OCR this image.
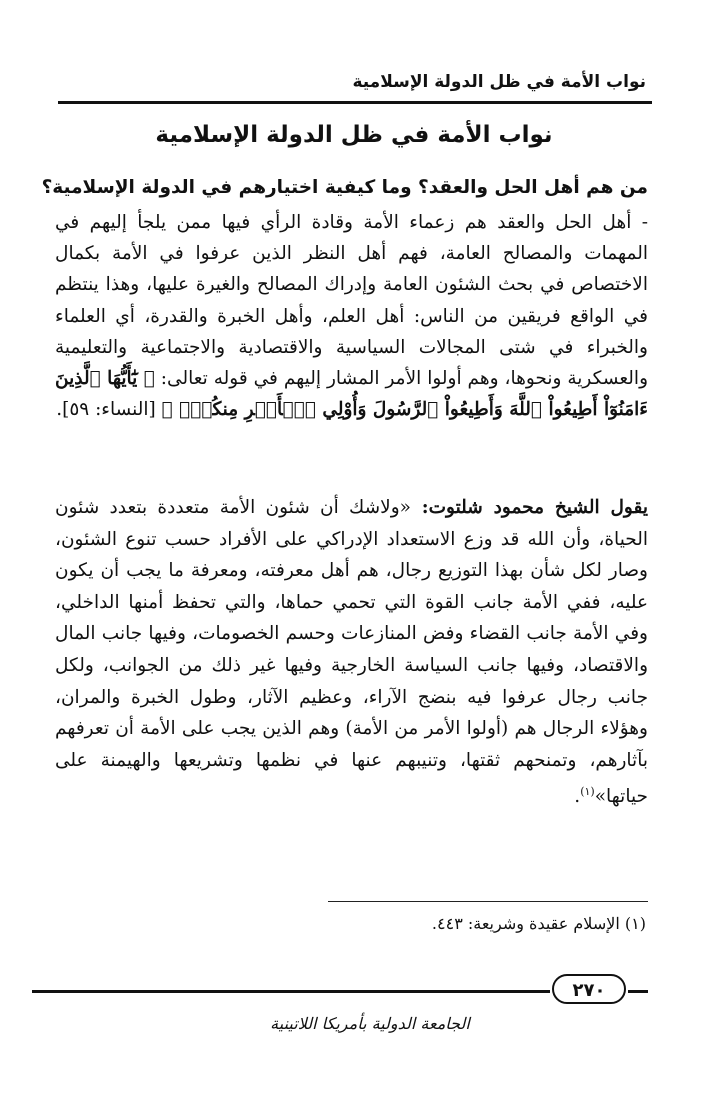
نواب الأمة في ظل الدولة الإسلامية
نواب الأمة في ظل الدولة الإسلامية
من هم أهل الحل والعقد؟ وما كيفية اختيارهم في الدولة الإسلامية؟
- أهل الحل والعقد هم زعماء الأمة وقادة الرأي فيها ممن يلجأ إليهم في المهمات والمصالح العامة، فهم أهل النظر الذين عرفوا في الأمة بكمال الاختصاص في بحث الشئون العامة وإدراك المصالح والغيرة عليها، وهذا ينتظم في الواقع فريقين من الناس: أهل العلم، وأهل الخبرة والقدرة، أي العلماء والخبراء في شتى المجالات السياسية والاقتصادية والاجتماعية والتعليمية والعسكرية ونحوها، وهم أولوا الأمر المشار إليهم في قوله تعالى: ﴿ يَٰٓأَيُّهَا ٱلَّذِينَ ءَامَنُوٓاْ أَطِيعُواْ ٱللَّهَ وَأَطِيعُواْ ٱلرَّسُولَ وَأُوْلِي ٱلۡأَمۡرِ مِنكُمۡۖ ﴾ [النساء: ٥٩].
يقول الشيخ محمود شلتوت: «ولاشك أن شئون الأمة متعددة بتعدد شئون الحياة، وأن الله قد وزع الاستعداد الإدراكي على الأفراد حسب تنوع الشئون، وصار لكل شأن بهذا التوزيع رجال، هم أهل معرفته، ومعرفة ما يجب أن يكون عليه، ففي الأمة جانب القوة التي تحمي حماها، والتي تحفظ أمنها الداخلي، وفي الأمة جانب القضاء وفض المنازعات وحسم الخصومات، وفيها جانب المال والاقتصاد، وفيها جانب السياسة الخارجية وفيها غير ذلك من الجوانب، ولكل جانب رجال عرفوا فيه بنضج الآراء، وعظيم الآثار، وطول الخبرة والمران، وهؤلاء الرجال هم (أولوا الأمر من الأمة) وهم الذين يجب على الأمة أن تعرفهم بآثارهم، وتمنحهم ثقتها، وتنيبهم عنها في نظمها وتشريعها والهيمنة على حياتها»$^{(١)}$.
(١) الإسلام عقيدة وشريعة: ٤٤٣.
٢٧٠
الجامعة الدولية بأمريكا اللاتينية
